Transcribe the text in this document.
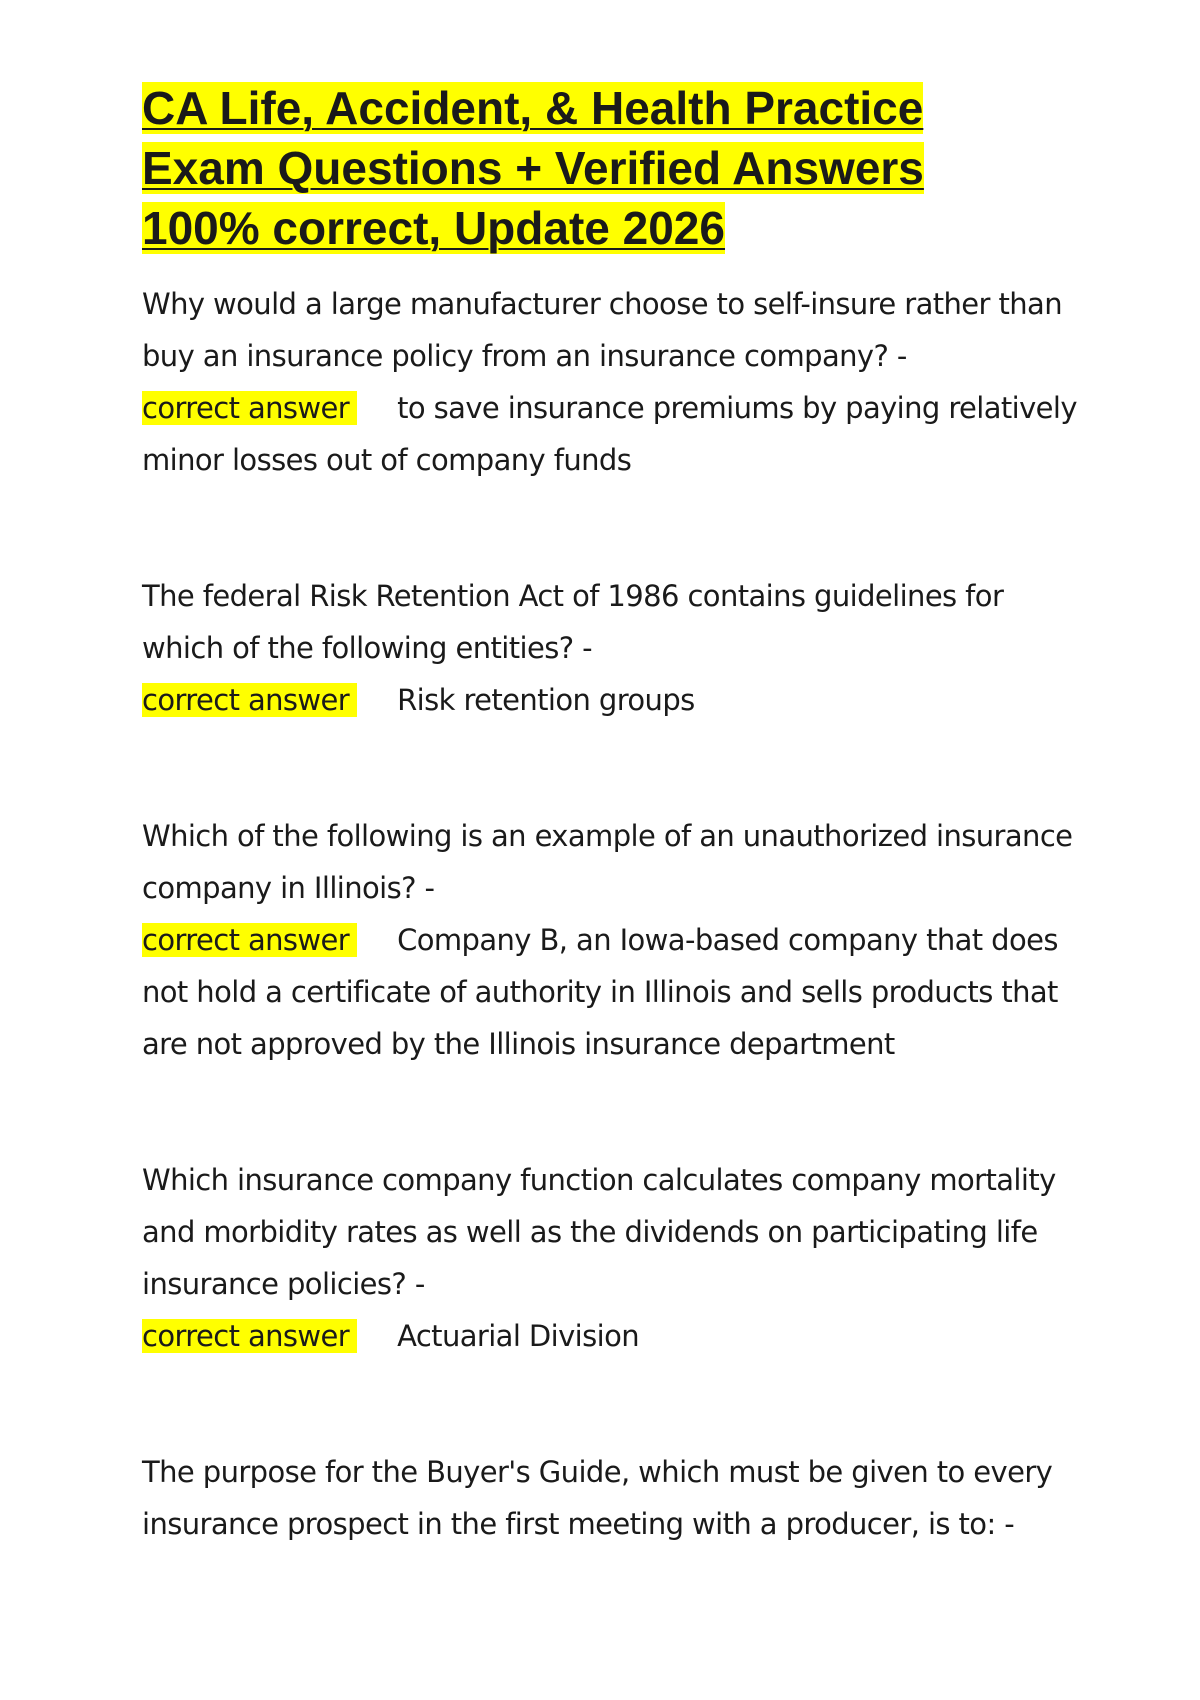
CA Life, Accident, & Health Practice Exam Questions + Verified Answers 100% correct, Update 2026

Why would a large manufacturer choose to self-insure rather than buy an insurance policy from an insurance company? -

correct answer to save insurance premiums by paying relatively minor losses out of company funds

The federal Risk Retention Act of 1986 contains guidelines for which of the following entities? -

correct answer Risk retention groups

Which of the following is an example of an unauthorized insurance company in Illinois? -

correct answer Company B, an Iowa-based company that does not hold a certificate of authority in Illinois and sells products that are not approved by the Illinois insurance department

Which insurance company function calculates company mortality and morbidity rates as well as the dividends on participating life insurance policies? -

correct answer Actuarial Division

The purpose for the Buyer's Guide, which must be given to every insurance prospect in the first meeting with a producer, is to: -
